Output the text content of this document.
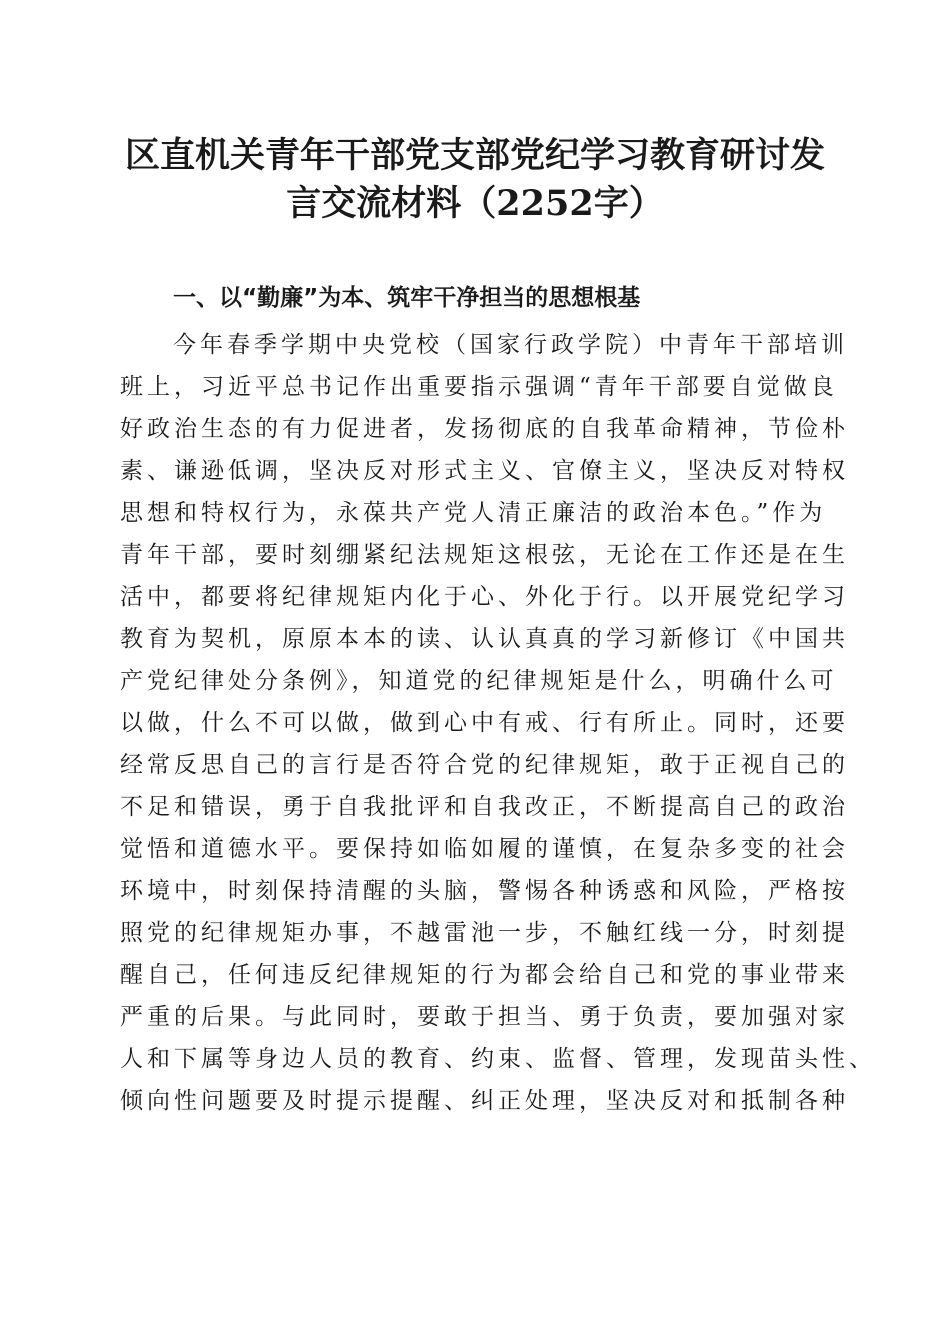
区直机关青年干部党支部党纪学习教育研讨发
言交流材料（2252字）
一、以“勤廉”为本、筑牢干净担当的思想根基
今年春季学期中央党校（国家行政学院）中青年干部培训
班上，习近平总书记作出重要指示强调“青年干部要自觉做良
好政治生态的有力促进者，发扬彻底的自我革命精神，节俭朴
素、谦逊低调，坚决反对形式主义、官僚主义，坚决反对特权
思想和特权行为，永葆共产党人清正廉洁的政治本色。”作为
青年干部，要时刻绷紧纪法规矩这根弦，无论在工作还是在生
活中，都要将纪律规矩内化于心、外化于行。以开展党纪学习
教育为契机，原原本本的读、认认真真的学习新修订《中国共
产党纪律处分条例》，知道党的纪律规矩是什么，明确什么可
以做，什么不可以做，做到心中有戒、行有所止。同时，还要
经常反思自己的言行是否符合党的纪律规矩，敢于正视自己的
不足和错误，勇于自我批评和自我改正，不断提高自己的政治
觉悟和道德水平。要保持如临如履的谨慎，在复杂多变的社会
环境中，时刻保持清醒的头脑，警惕各种诱惑和风险，严格按
照党的纪律规矩办事，不越雷池一步，不触红线一分，时刻提
醒自己，任何违反纪律规矩的行为都会给自己和党的事业带来
严重的后果。与此同时，要敢于担当、勇于负责，要加强对家
人和下属等身边人员的教育、约束、监督、管理，发现苗头性、
倾向性问题要及时提示提醒、纠正处理，坚决反对和抵制各种
